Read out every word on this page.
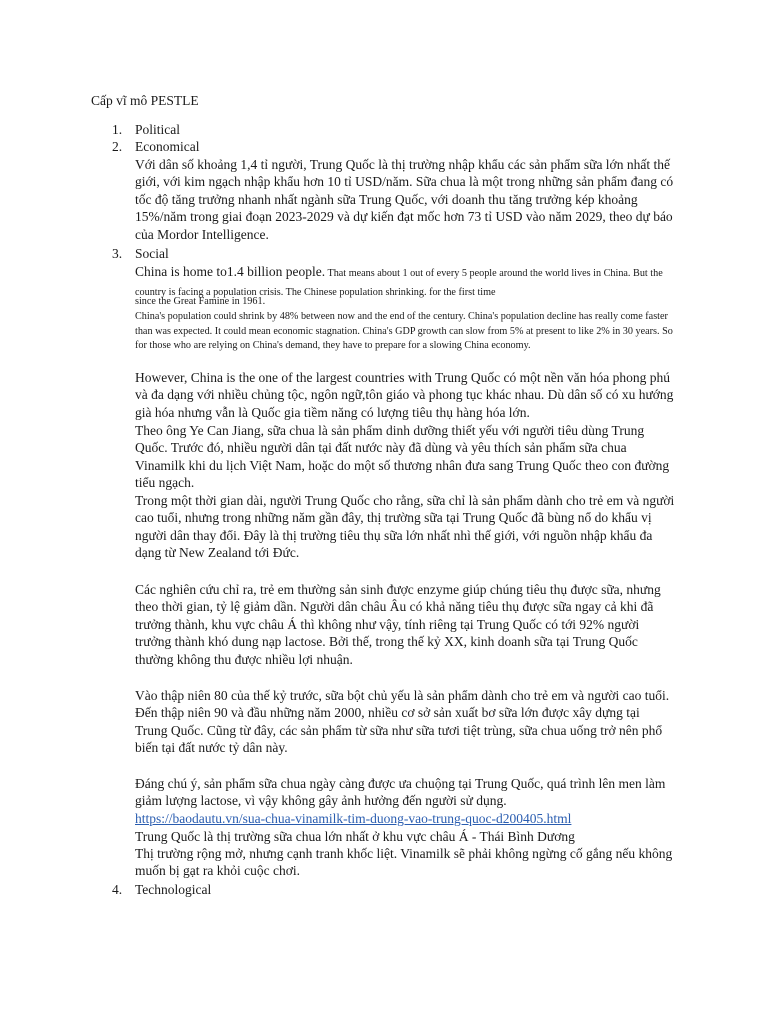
Cấp vĩ mô PESTLE
1. Political
2. Economical

Với dân số khoảng 1,4 tỉ người, Trung Quốc là thị trường nhập khẩu các sản phẩm sữa lớn nhất thế giới, với kim ngạch nhập khẩu hơn 10 tỉ USD/năm. Sữa chua là một trong những sản phẩm đang có tốc độ tăng trưởng nhanh nhất ngành sữa Trung Quốc, với doanh thu tăng trưởng kép khoảng 15%/năm trong giai đoạn 2023-2029 và dự kiến đạt mốc hơn 73 tỉ USD vào năm 2029, theo dự báo của Mordor Intelligence.

3. Social
China is home to1.4 billion people. That means about 1 out of every 5 people around the world lives in China. But the country is facing a population crisis. The Chinese population shrinking. for the first time

since the Great Famine in 1961.

China's population could shrink by 48% between now and the end of the century. China's population decline has really come faster than was expected. It could mean economic stagnation. China's GDP growth can slow from 5% at present to like 2% in 30 years. So for those who are relying on China's demand, they have to prepare for a slowing China economy.

However, China is the one of the largest countries with Trung Quốc có một nền văn hóa phong phú và đa dạng với nhiều chủng tộc, ngôn ngữ,tôn giáo và phong tục khác nhau. Dù dân số có xu hướng già hóa nhưng vẫn là Quốc gia tiềm năng có lượng tiêu thụ hàng hóa lớn.

Theo ông Ye Can Jiang, sữa chua là sản phẩm dinh dưỡng thiết yếu với người tiêu dùng Trung Quốc. Trước đó, nhiều người dân tại đất nước này đã dùng và yêu thích sản phẩm sữa chua Vinamilk khi du lịch Việt Nam, hoặc do một số thương nhân đưa sang Trung Quốc theo con đường tiểu ngạch.

Trong một thời gian dài, người Trung Quốc cho rằng, sữa chỉ là sản phẩm dành cho trẻ em và người cao tuổi, nhưng trong những năm gần đây, thị trường sữa tại Trung Quốc đã bùng nổ do khẩu vị người dân thay đổi. Đây là thị trường tiêu thụ sữa lớn nhất nhì thế giới, với nguồn nhập khẩu đa dạng từ New Zealand tới Đức.

Các nghiên cứu chỉ ra, trẻ em thường sản sinh được enzyme giúp chúng tiêu thụ được sữa, nhưng theo thời gian, tỷ lệ giảm dần. Người dân châu Âu có khả năng tiêu thụ được sữa ngay cả khi đã trưởng thành, khu vực châu Á thì không như vậy, tính riêng tại Trung Quốc có tới 92% người trưởng thành khó dung nạp lactose. Bởi thế, trong thế kỷ XX, kinh doanh sữa tại Trung Quốc thường không thu được nhiều lợi nhuận.

Vào thập niên 80 của thế kỷ trước, sữa bột chủ yếu là sản phẩm dành cho trẻ em và người cao tuổi. Đến thập niên 90 và đầu những năm 2000, nhiều cơ sở sản xuất bơ sữa lớn được xây dựng tại Trung Quốc. Cũng từ đây, các sản phẩm từ sữa như sữa tươi tiệt trùng, sữa chua uống trở nên phổ biến tại đất nước tỷ dân này.

Đáng chú ý, sản phẩm sữa chua ngày càng được ưa chuộng tại Trung Quốc, quá trình lên men làm giảm lượng lactose, vì vậy không gây ảnh hưởng đến người sử dụng.

https://baodautu.vn/sua-chua-vinamilk-tim-duong-vao-trung-quoc-d200405.html

Trung Quốc là thị trường sữa chua lớn nhất ở khu vực châu Á - Thái Bình Dương

Thị trường rộng mở, nhưng cạnh tranh khốc liệt. Vinamilk sẽ phải không ngừng cố gắng nếu không muốn bị gạt ra khỏi cuộc chơi.

4. Technological
